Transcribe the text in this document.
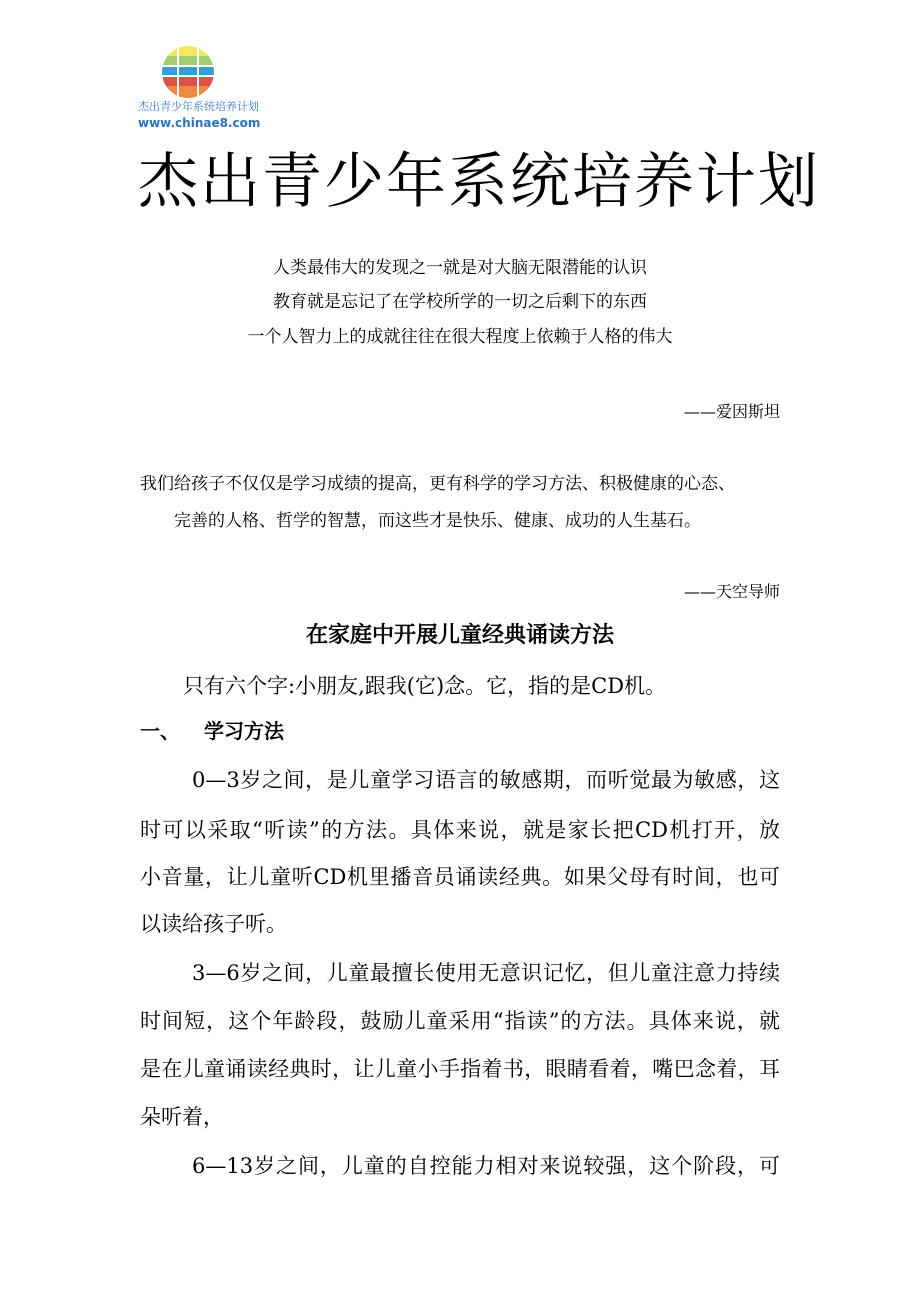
杰出青少年系统培养计划
www.chinae8.com
杰出青少年系统培养计划
人类最伟大的发现之一就是对大脑无限潜能的认识
教育就是忘记了在学校所学的一切之后剩下的东西
一个人智力上的成就往往在很大程度上依赖于人格的伟大
——爱因斯坦
我们给孩子不仅仅是学习成绩的提高，更有科学的学习方法、积极健康的心态、
完善的人格、哲学的智慧，而这些才是快乐、健康、成功的人生基石。
——天空导师
在家庭中开展儿童经典诵读方法
只有六个字:小朋友,跟我(它)念。它，指的是CD机。
一、 学习方法
0—3岁之间，是儿童学习语言的敏感期，而听觉最为敏感，这
时可以采取“听读”的方法。具体来说，就是家长把CD机打开，放
小音量，让儿童听CD机里播音员诵读经典。如果父母有时间，也可
以读给孩子听。
3—6岁之间，儿童最擅长使用无意识记忆，但儿童注意力持续
时间短，这个年龄段，鼓励儿童采用“指读”的方法。具体来说，就
是在儿童诵读经典时，让儿童小手指着书，眼睛看着，嘴巴念着，耳
朵听着，
6—13岁之间，儿童的自控能力相对来说较强，这个阶段，可
